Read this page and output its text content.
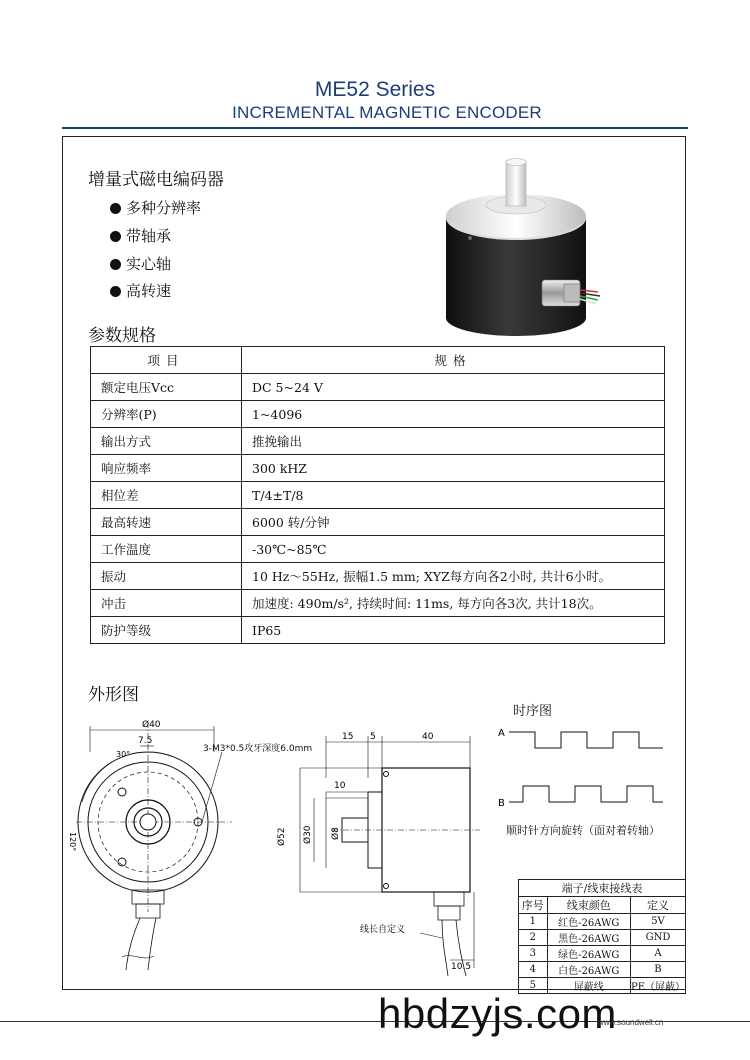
ME52 Series
INCREMENTAL MAGNETIC ENCODER
增量式磁电编码器
多种分辨率
带轴承
实心轴
高转速
参数规格
项目	规格
额定电压Vcc	DC 5~24 V
分辨率(P)	1~4096
输出方式	推挽输出
响应频率	300 kHZ
相位差	T/4±T/8
最高转速	6000 转/分钟
工作温度	-30℃~85℃
振动	10 Hz～55Hz, 振幅1.5 mm; XYZ每方向各2小时, 共计6小时。
冲击	加速度: 490m/s², 持续时间: 11ms, 每方向各3次, 共计18次。
防护等级	IP65
外形图
Ø40
7.5
30°
120°
3-M3*0.5攻牙深度6.0mm
15 5	40
10
Ø52 Ø30 Ø8
线长自定义
10.5
时序图
A
B
顺时针方向旋转（面对着转轴）
端子/线束接线表		
序号	线束颜色	定义
1	红色-26AWG	5V
2	黑色-26AWG	GND
3	绿色-26AWG	A
4	白色-26AWG	B
5	屏蔽线	PE（屏蔽）
hbdzyjs.com
www.soundwell.cn
